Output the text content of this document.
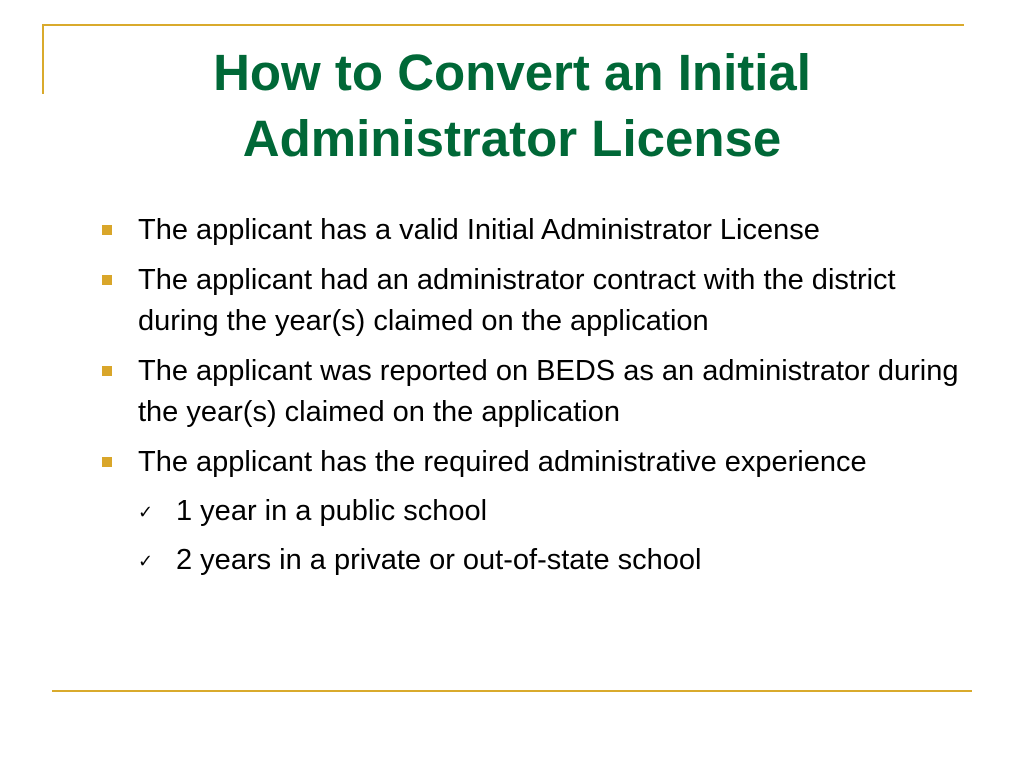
How to Convert an Initial Administrator License
The applicant has a valid Initial Administrator License
The applicant had an administrator contract with the district during the year(s) claimed on the application
The applicant was reported on BEDS as an administrator during the year(s) claimed on the application
The applicant has the required administrative experience
✓ 1 year in a public school
✓ 2 years in a private or out-of-state school
